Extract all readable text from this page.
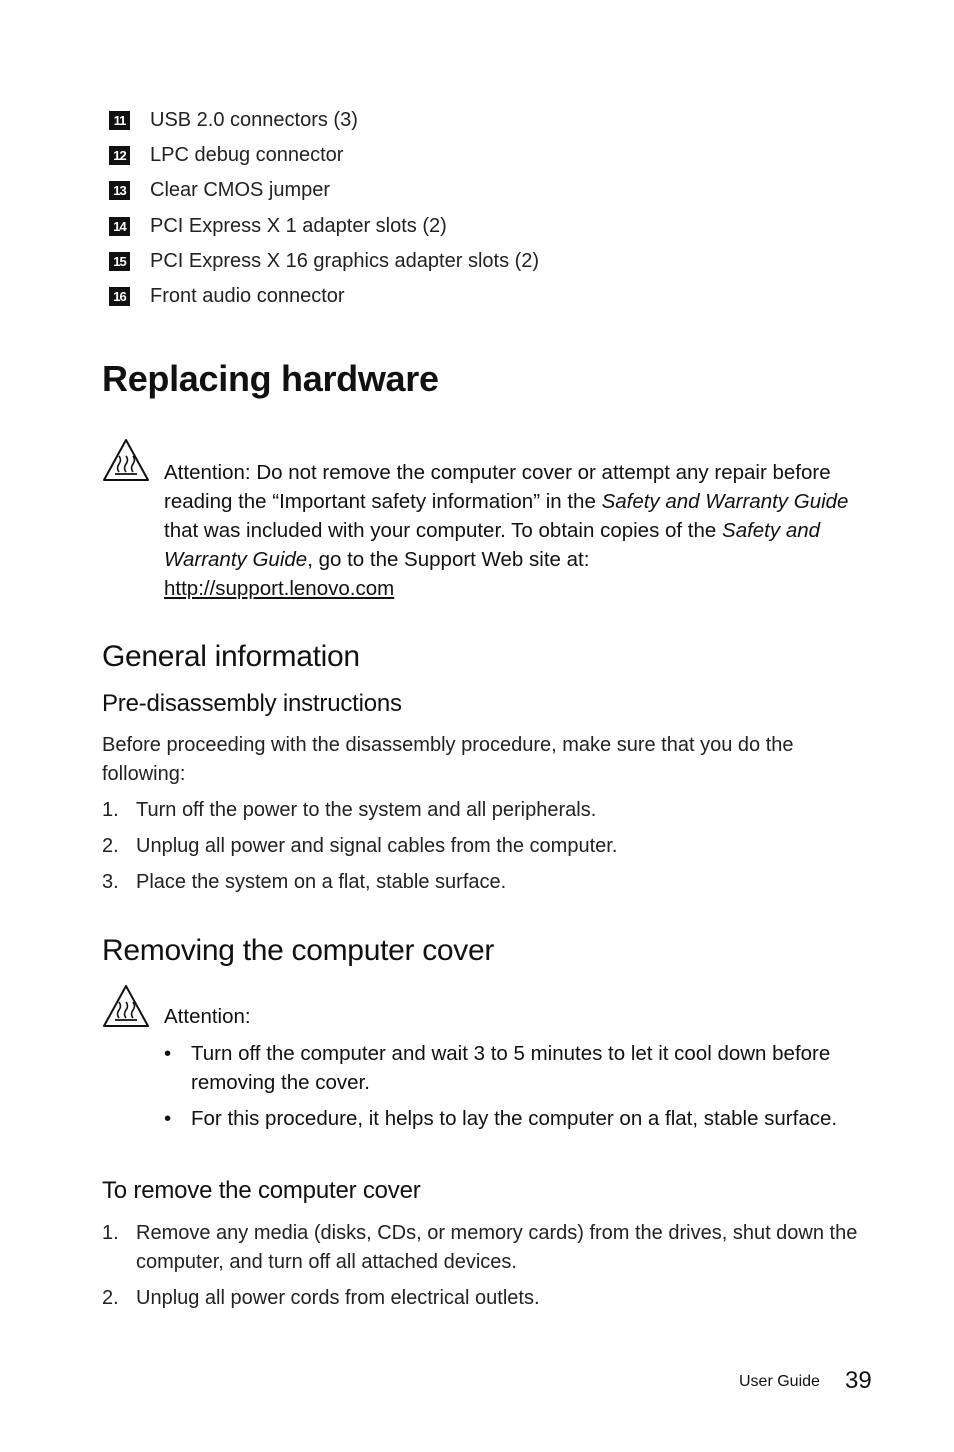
11 USB 2.0 connectors (3)
12 LPC debug connector
13 Clear CMOS jumper
14 PCI Express X 1 adapter slots (2)
15 PCI Express X 16 graphics adapter slots (2)
16 Front audio connector
Replacing hardware
Attention: Do not remove the computer cover or attempt any repair before reading the “Important safety information” in the Safety and Warranty Guide that was included with your computer. To obtain copies of the Safety and Warranty Guide, go to the Support Web site at:
http://support.lenovo.com
General information
Pre-disassembly instructions
Before proceeding with the disassembly procedure, make sure that you do the following:
1. Turn off the power to the system and all peripherals.
2. Unplug all power and signal cables from the computer.
3. Place the system on a flat, stable surface.
Removing the computer cover
Attention:
• Turn off the computer and wait 3 to 5 minutes to let it cool down before removing the cover.
• For this procedure, it helps to lay the computer on a flat, stable surface.
To remove the computer cover
1. Remove any media (disks, CDs, or memory cards) from the drives, shut down the computer, and turn off all attached devices.
2. Unplug all power cords from electrical outlets.
User Guide 39
